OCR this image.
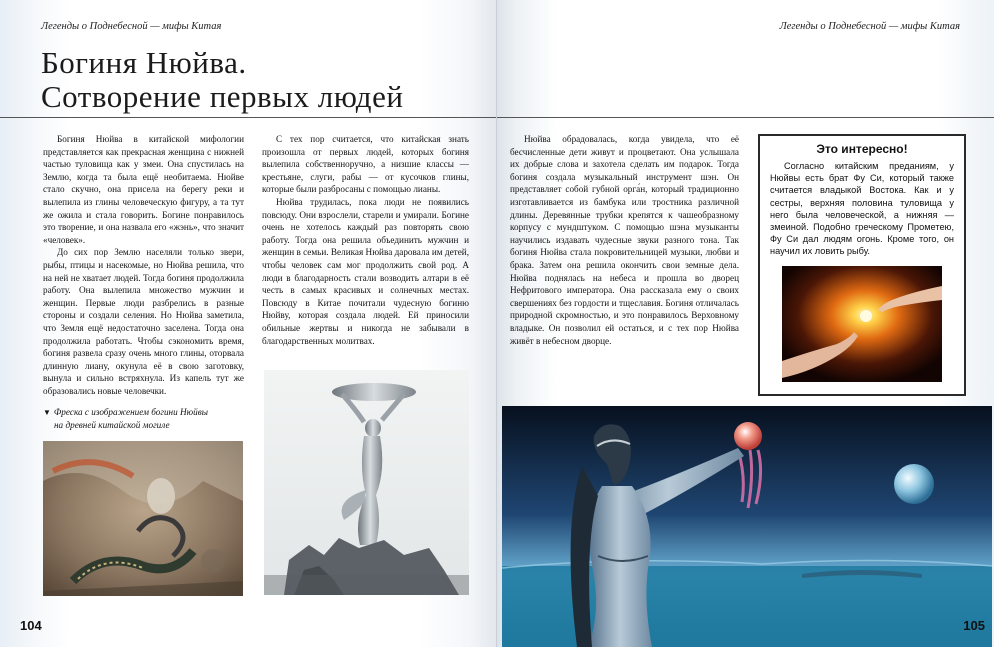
Легенды о Поднебесной — мифы Китая
Богиня Нюйва.
Сотворение первых людей

Богиня Нюйва в китайской мифологии представляется как прекрасная женщина с нижней частью туловища как у змеи. Она спустилась на Землю, когда та была ещё необитаема. Нюйве стало скучно, она присела на берегу реки и вылепила из глины человеческую фигуру, а та тут же ожила и стала говорить. Богине понравилось это творение, и она назвала его «жэнь», что значит «человек».

До сих пор Землю населяли только звери, рыбы, птицы и насекомые, но Нюйва решила, что на ней не хватает людей. Тогда богиня продолжила работу. Она вылепила множество мужчин и женщин. Первые люди разбрелись в разные стороны и создали селения. Но Нюйва заметила, что Земля ещё недостаточно заселена. Тогда она продолжила работать. Чтобы сэкономить время, богиня развела сразу очень много глины, оторвала длинную лиану, окунула её в свою заготовку, вынула и сильно встряхнула. Из капель тут же образовались новые человечки.

С тех пор считается, что китайская знать произошла от первых людей, которых богиня вылепила собственноручно, а низшие классы — крестьяне, слуги, рабы — от кусочков глины, которые были разбросаны с помощью лианы.

Нюйва трудилась, пока люди не появились повсюду. Они взрослели, старели и умирали. Богине очень не хотелось каждый раз повторять свою работу. Тогда она решила объединить мужчин и женщин в семьи. Великая Нюйва даровала им детей, чтобы человек сам мог продолжить свой род. А люди в благодарность стали возводить алтари в её честь в самых красивых и солнечных местах. Повсюду в Китае почитали чудесную богиню Нюйву, которая создала людей. Ей приносили обильные жертвы и никогда не забывали в благодарственных молитвах.

▼ Фреска с изображением богини Нюйвы
на древней китайской могиле
104
Легенды о Поднебесной — мифы Китая

Нюйва обрадовалась, когда увидела, что её бесчисленные дети живут и процветают. Она услышала их добрые слова и захотела сделать им подарок. Тогда богиня создала музыкальный инструмент шэн. Он представляет собой губной орга́н, который традиционно изготавливается из бамбука или тростника различной длины. Деревянные трубки крепятся к чашеобразному корпусу с мундштуком. С помощью шэна музыканты научились издавать чудесные звуки разного тона. Так богиня Нюйва стала покровительницей музыки, любви и брака. Затем она решила окончить свои земные дела. Нюйва поднялась на небеса и прошла во дворец Нефритового императора. Она рассказала ему о своих свершениях без гордости и тщеславия. Богиня отличалась природной скромностью, и это понравилось Верховному владыке. Он позволил ей остаться, и с тех пор Нюйва живёт в небесном дворце.

Это интересно!
Согласно китайским преданиям, у Нюйвы есть брат Фу Си, который также считается владыкой Востока. Как и у сестры, верхняя половина туловища у него была человеческой, а нижняя — змеиной. Подобно греческому Прометею, Фу Си дал людям огонь. Кроме того, он научил их ловить рыбу.
105
